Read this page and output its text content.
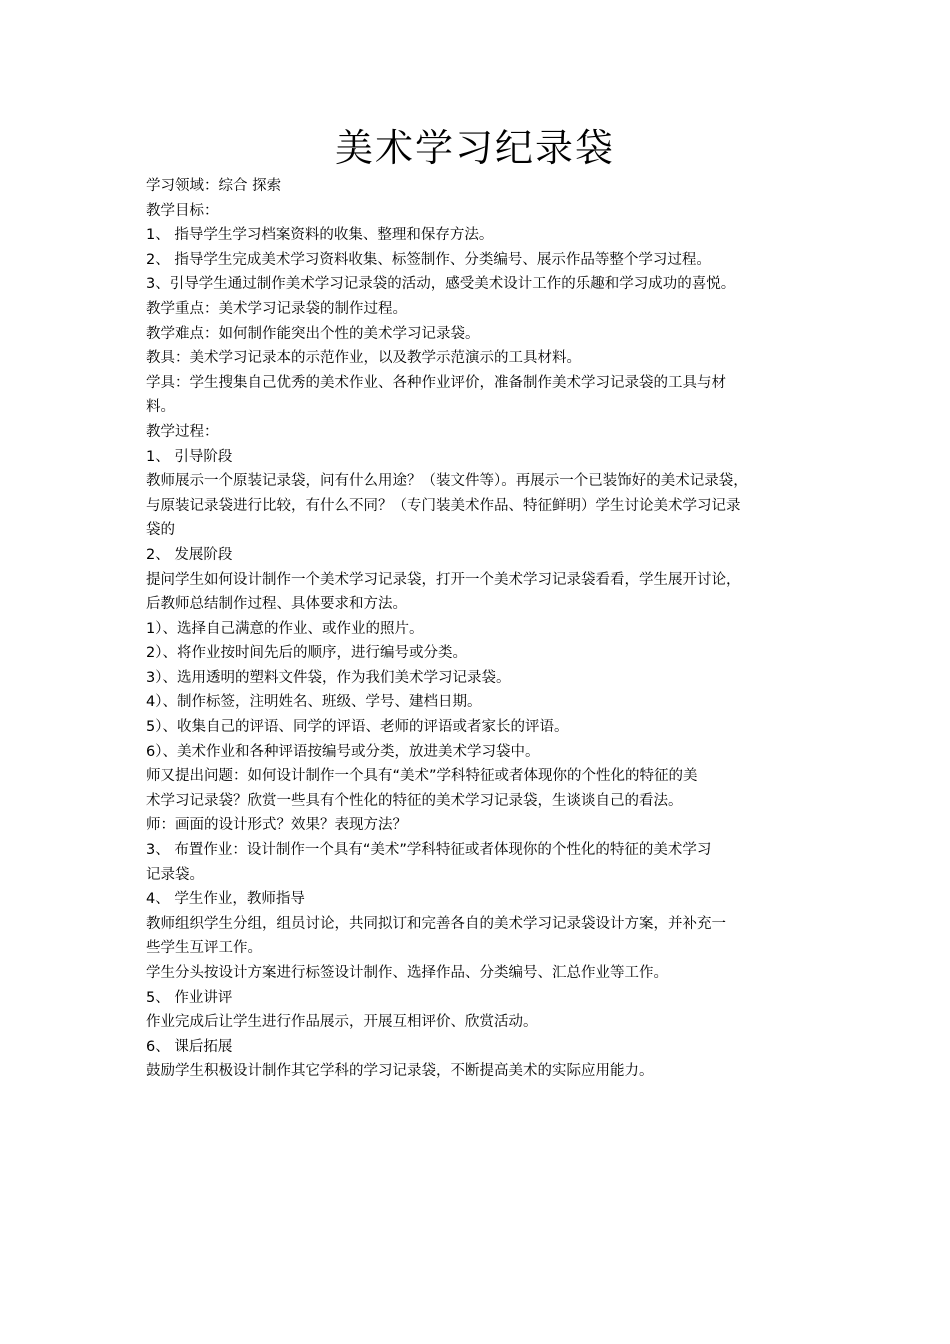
美术学习纪录袋
学习领域：综合 探索
教学目标：
1、 指导学生学习档案资料的收集、整理和保存方法。
2、 指导学生完成美术学习资料收集、标签制作、分类编号、展示作品等整个学习过程。
3、引导学生通过制作美术学习记录袋的活动，感受美术设计工作的乐趣和学习成功的喜悦。
教学重点：美术学习记录袋的制作过程。
教学难点：如何制作能突出个性的美术学习记录袋。
教具：美术学习记录本的示范作业，以及教学示范演示的工具材料。
学具：学生搜集自己优秀的美术作业、各种作业评价，准备制作美术学习记录袋的工具与材
料。
教学过程：
1、 引导阶段
教师展示一个原装记录袋，问有什么用途？（装文件等）。再展示一个已装饰好的美术记录袋，
与原装记录袋进行比较，有什么不同？（专门装美术作品、特征鲜明）学生讨论美术学习记录
袋的
2、 发展阶段
提问学生如何设计制作一个美术学习记录袋，打开一个美术学习记录袋看看，学生展开讨论，
后教师总结制作过程、具体要求和方法。
1）、选择自己满意的作业、或作业的照片。
2）、将作业按时间先后的顺序，进行编号或分类。
3）、选用透明的塑料文件袋，作为我们美术学习记录袋。
4）、制作标签，注明姓名、班级、学号、建档日期。
5）、收集自己的评语、同学的评语、老师的评语或者家长的评语。
6）、美术作业和各种评语按编号或分类，放进美术学习袋中。
师又提出问题：如何设计制作一个具有“美术”学科特征或者体现你的个性化的特征的美
术学习记录袋？欣赏一些具有个性化的特征的美术学习记录袋，生谈谈自己的看法。
师：画面的设计形式？效果？表现方法？
3、 布置作业：设计制作一个具有“美术”学科特征或者体现你的个性化的特征的美术学习
记录袋。
4、 学生作业，教师指导
教师组织学生分组，组员讨论，共同拟订和完善各自的美术学习记录袋设计方案，并补充一
些学生互评工作。
学生分头按设计方案进行标签设计制作、选择作品、分类编号、汇总作业等工作。
5、 作业讲评
作业完成后让学生进行作品展示，开展互相评价、欣赏活动。
6、 课后拓展
鼓励学生积极设计制作其它学科的学习记录袋，不断提高美术的实际应用能力。
